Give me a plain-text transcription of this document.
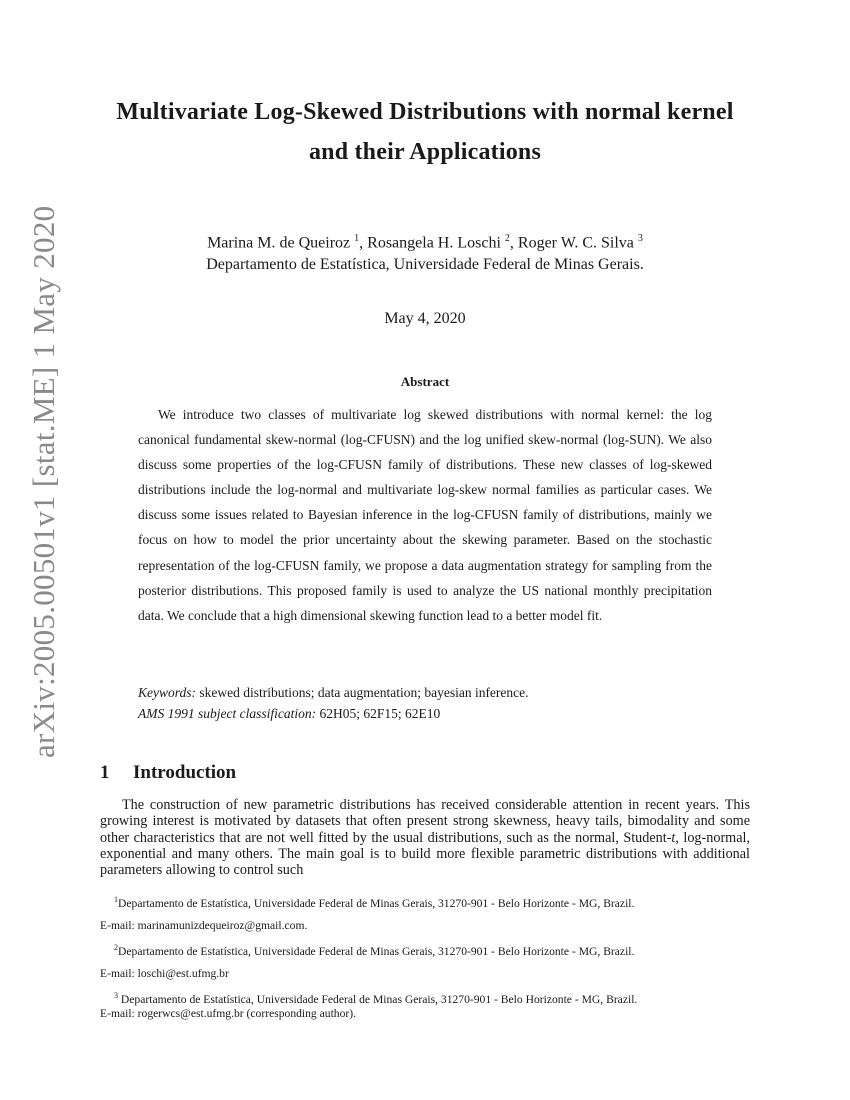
arXiv:2005.00501v1 [stat.ME] 1 May 2020
Multivariate Log-Skewed Distributions with normal kernel and their Applications
Marina M. de Queiroz $^1$, Rosangela H. Loschi $^2$, Roger W. C. Silva $^3$
Departamento de Estatística, Universidade Federal de Minas Gerais.
May 4, 2020
Abstract
We introduce two classes of multivariate log skewed distributions with normal kernel: the log canonical fundamental skew-normal (log-CFUSN) and the log unified skew-normal (log-SUN). We also discuss some properties of the log-CFUSN family of distributions. These new classes of log-skewed distributions include the log-normal and multivariate log-skew normal families as particular cases. We discuss some issues related to Bayesian inference in the log-CFUSN family of distributions, mainly we focus on how to model the prior uncertainty about the skewing parameter. Based on the stochastic representation of the log-CFUSN family, we propose a data augmentation strategy for sampling from the posterior distributions. This proposed family is used to analyze the US national monthly precipitation data. We conclude that a high dimensional skewing function lead to a better model fit.
Keywords: skewed distributions; data augmentation; bayesian inference.
AMS 1991 subject classification: 62H05; 62F15; 62E10
1 Introduction
The construction of new parametric distributions has received considerable attention in recent years. This growing interest is motivated by datasets that often present strong skewness, heavy tails, bimodality and some other characteristics that are not well fitted by the usual distributions, such as the normal, Student-t, log-normal, exponential and many others. The main goal is to build more flexible parametric distributions with additional parameters allowing to control such
$^1$Departamento de Estatística, Universidade Federal de Minas Gerais, 31270-901 - Belo Horizonte - MG, Brazil.
E-mail: marinamunizdequeiroz@gmail.com.
$^2$Departamento de Estatística, Universidade Federal de Minas Gerais, 31270-901 - Belo Horizonte - MG, Brazil.
E-mail: loschi@est.ufmg.br
$^3$ Departamento de Estatística, Universidade Federal de Minas Gerais, 31270-901 - Belo Horizonte - MG, Brazil.
E-mail: rogerwcs@est.ufmg.br (corresponding author).
